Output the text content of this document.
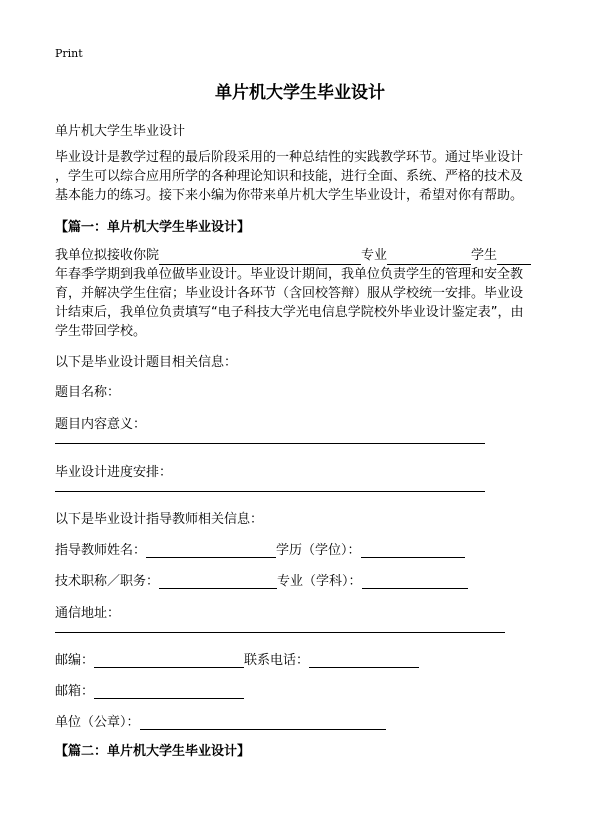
Print
单片机大学生毕业设计
单片机大学生毕业设计
毕业设计是教学过程的最后阶段采用的一种总结性的实践教学环节。通过毕业设计
，学生可以综合应用所学的各种理论知识和技能，进行全面、系统、严格的技术及
基本能力的练习。接下来小编为你带来单片机大学生毕业设计，希望对你有帮助。
【篇一：单片机大学生毕业设计】
我单位拟接收你院	专业	学生
年春季学期到我单位做毕业设计。毕业设计期间，我单位负责学生的管理和安全教
育，并解决学生住宿；毕业设计各环节（含回校答辩）服从学校统一安排。毕业设
计结束后，我单位负责填写“电子科技大学光电信息学院校外毕业设计鉴定表”，由
学生带回学校。
以下是毕业设计题目相关信息：
题目名称：
题目内容意义：
毕业设计进度安排：
以下是毕业设计指导教师相关信息：
指导教师姓名：	学历（学位）：
技术职称／职务：	专业（学科）：
通信地址：
邮编：	联系电话：
邮箱：
单位（公章）：
【篇二：单片机大学生毕业设计】
